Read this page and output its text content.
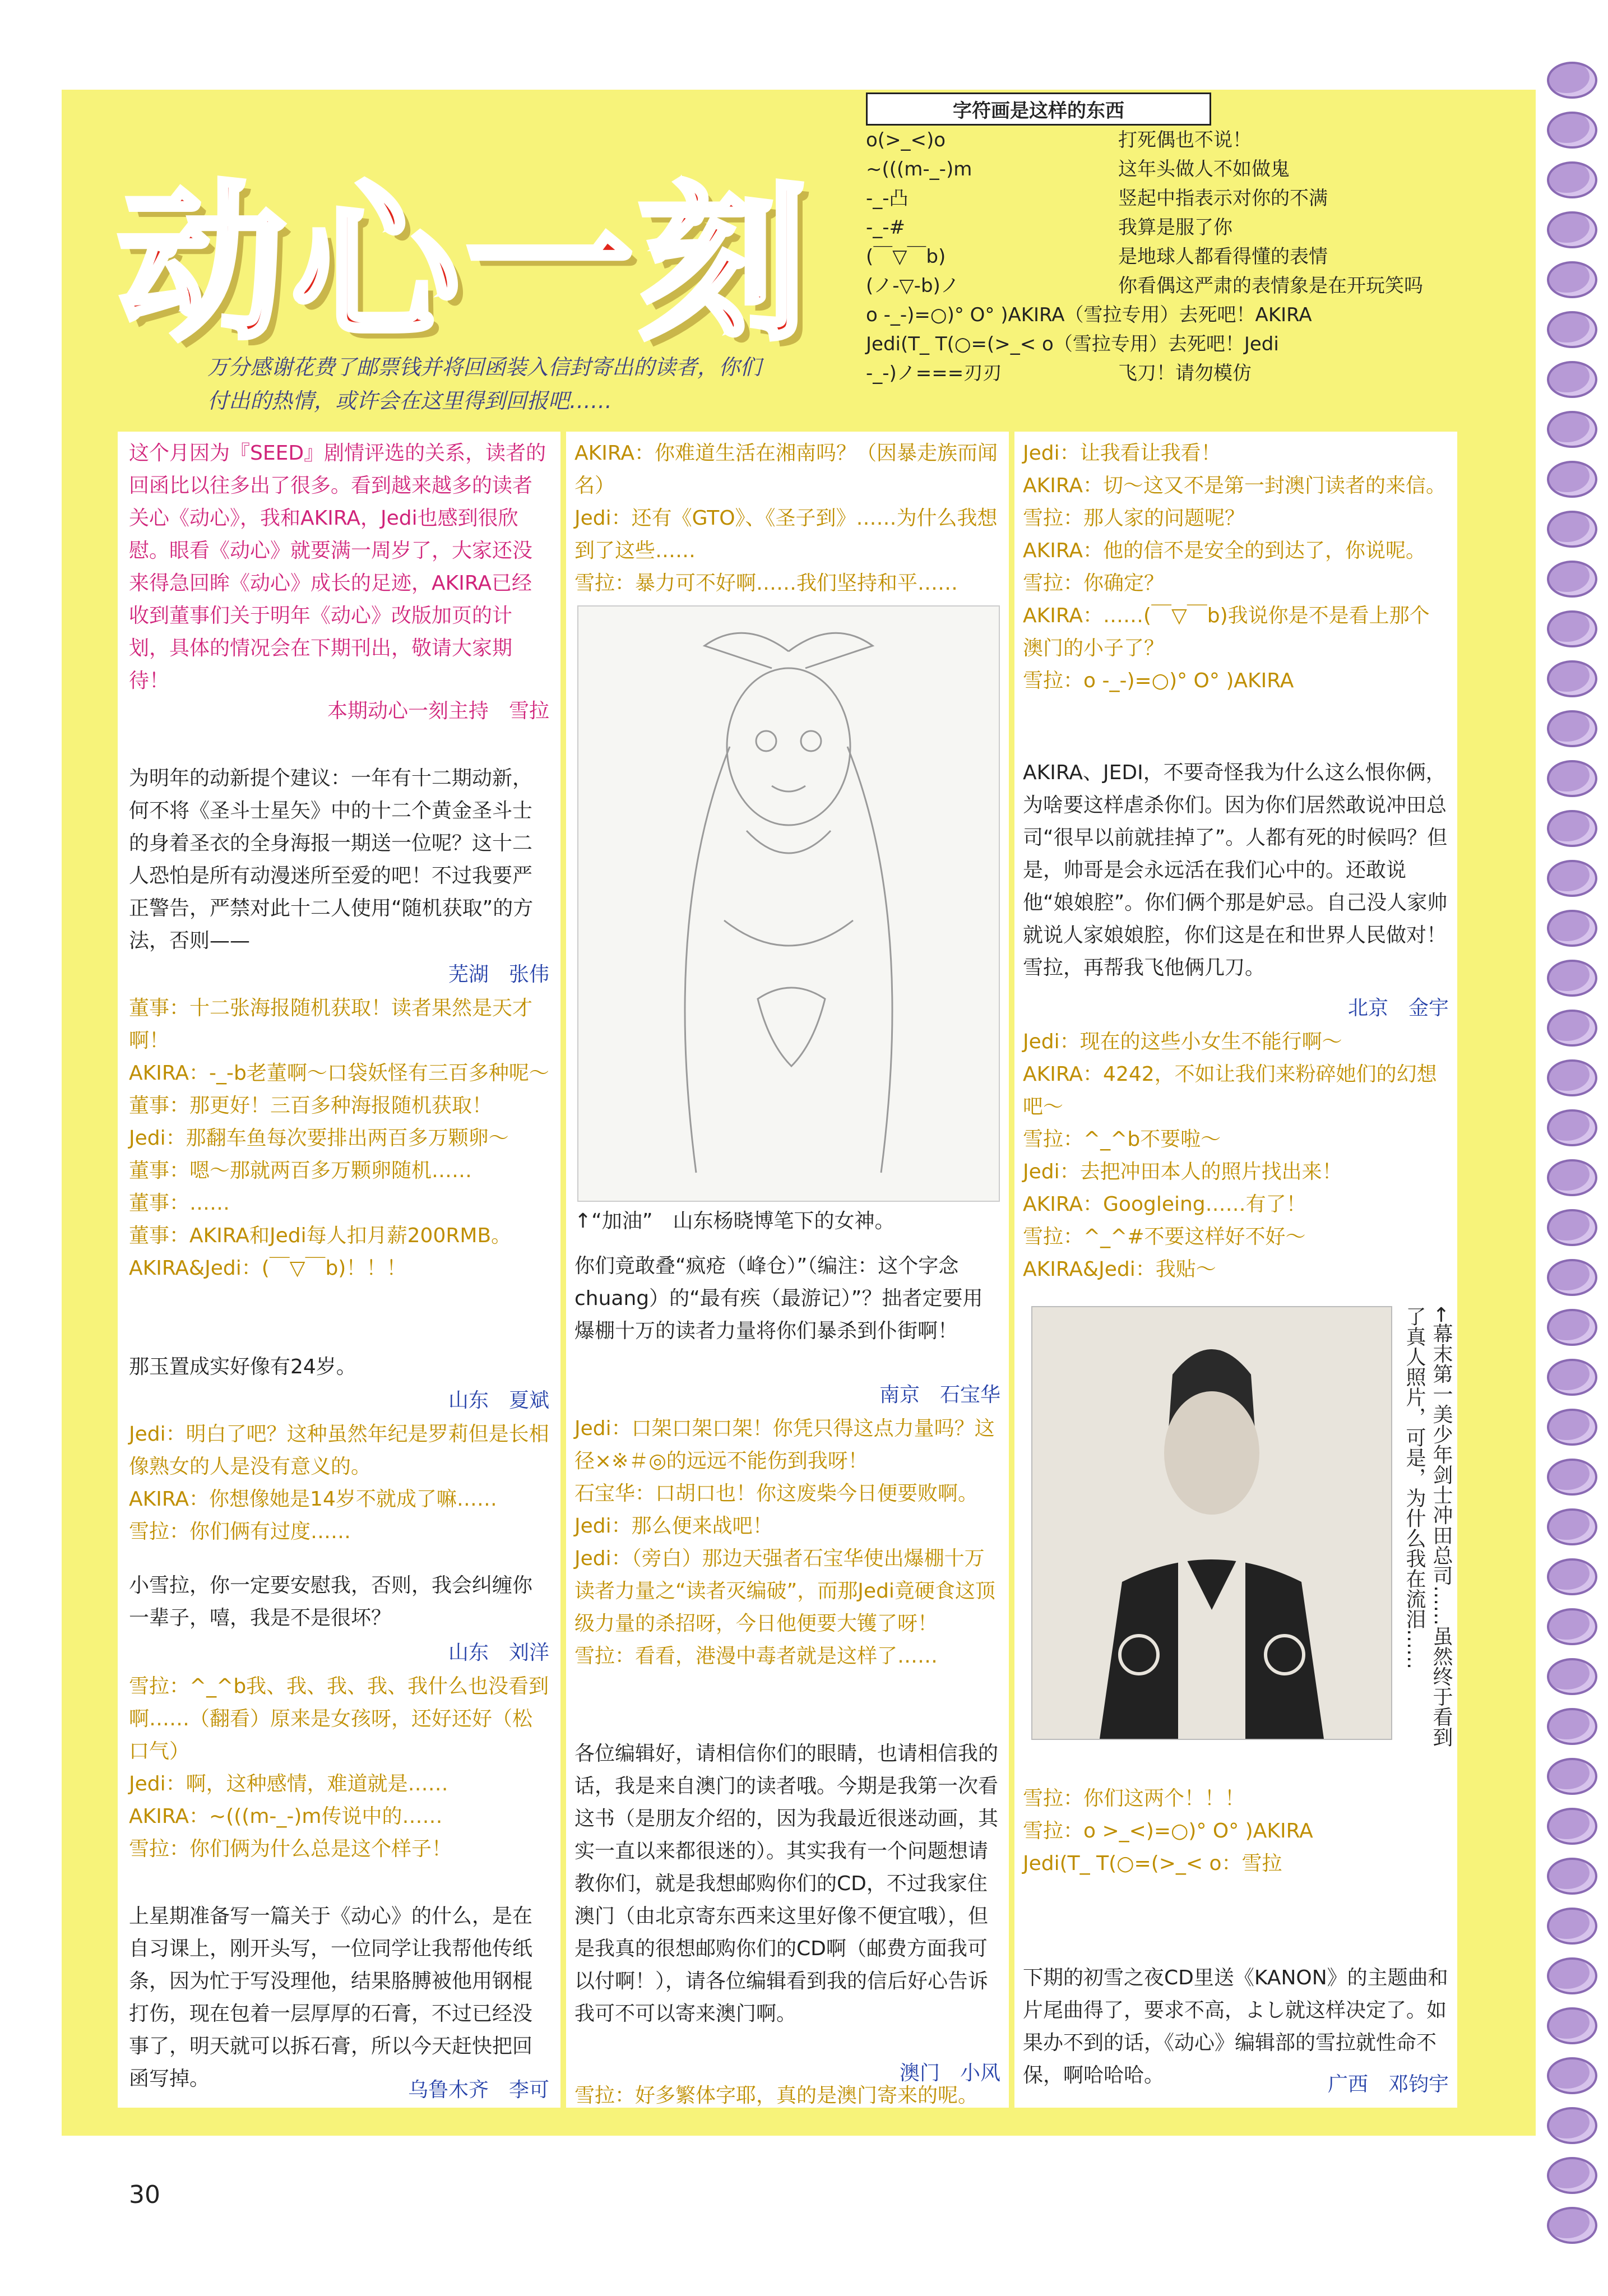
动心一刻
万分感谢花费了邮票钱并将回函装入信封寄出的读者，你们付出的热情，或许会在这里得到回报吧……
字符画是这样的东西
o(>_<)o	打死偶也不说！
~(((m-_-)m	这年头做人不如做鬼
-_-凸	竖起中指表示对你的不满
-_-#	我算是服了你
(￣▽￣b)	是地球人都看得懂的表情
(ノ-▽-b)ノ	你看偶这严肃的表情象是在开玩笑吗
o -_-)=○)° O° )AKIRA（雪拉专用）去死吧！AKIRA
Jedi(T_ T(○=(>_< o（雪拉专用）去死吧！Jedi
-_-)ノ===刃刃	飞刀！请勿模仿
这个月因为『SEED』剧情评选的关系，读者的回函比以往多出了很多。看到越来越多的读者关心《动心》，我和AKIRA，Jedi也感到很欣慰。眼看《动心》就要满一周岁了，大家还没来得急回眸《动心》成长的足迹，AKIRA已经收到董事们关于明年《动心》改版加页的计划，具体的情况会在下期刊出，敬请大家期待！
本期动心一刻主持　雪拉
为明年的动新提个建议：一年有十二期动新，何不将《圣斗士星矢》中的十二个黄金圣斗士的身着圣衣的全身海报一期送一位呢？这十二人恐怕是所有动漫迷所至爱的吧！不过我要严正警告，严禁对此十二人使用“随机获取”的方法，否则——
芜湖　张伟
董事：十二张海报随机获取！读者果然是天才啊！
AKIRA：-_-b老董啊～口袋妖怪有三百多种呢～
董事：那更好！三百多种海报随机获取！
Jedi：那翻车鱼每次要排出两百多万颗卵～
董事：嗯～那就两百多万颗卵随机……
董事：……
董事：AKIRA和Jedi每人扣月薪200RMB。
AKIRA&Jedi：(￣▽￣b)！！！
那玉置成实好像有24岁。
山东　夏斌
Jedi：明白了吧？这种虽然年纪是罗莉但是长相像熟女的人是没有意义的。
AKIRA：你想像她是14岁不就成了嘛……
雪拉：你们俩有过度……
小雪拉，你一定要安慰我，否则，我会纠缠你一辈子，嘻，我是不是很坏？
山东　刘洋
雪拉：^_^b我、我、我、我、我什么也没看到啊……（翻看）原来是女孩呀，还好还好（松口气）
Jedi：啊，这种感情，难道就是……
AKIRA：~(((m-_-)m传说中的……
雪拉：你们俩为什么总是这个样子！
上星期准备写一篇关于《动心》的什么，是在自习课上，刚开头写，一位同学让我帮他传纸条，因为忙于写没理他，结果胳膊被他用钢棍打伤，现在包着一层厚厚的石膏，不过已经没事了，明天就可以拆石膏，所以今天赶快把回函写掉。	乌鲁木齐　李可
AKIRA：你难道生活在湘南吗？（因暴走族而闻名）
Jedi：还有《GTO》、《圣子到》……为什么我想到了这些……
雪拉：暴力可不好啊……我们坚持和平……
↑“加油”　山东杨晓博笔下的女神。
你们竟敢叠“疯疮（峰仓）”（编注：这个字念chuang）的“最有疾（最游记）”？拙者定要用爆棚十万的读者力量将你们暴杀到仆街啊！
南京　石宝华
Jedi：口架口架口架！你凭只得这点力量吗？这径×※＃◎的远远不能伤到我呀！
石宝华：口胡口也！你这废柴今日便要败啊。
Jedi：那么便来战吧！
Jedi：（旁白）那边天强者石宝华使出爆棚十万读者力量之“读者灭编破”，而那Jedi竟硬食这顶级力量的杀招呀，今日他便要大镬了呀！
雪拉：看看，港漫中毒者就是这样了……
各位编辑好，请相信你们的眼睛，也请相信我的话，我是来自澳门的读者哦。今期是我第一次看这书（是朋友介绍的，因为我最近很迷动画，其实一直以来都很迷的）。其实我有一个问题想请教你们，就是我想邮购你们的CD，不过我家住澳门（由北京寄东西来这里好像不便宜哦），但是我真的很想邮购你们的CD啊（邮费方面我可以付啊！），请各位编辑看到我的信后好心告诉我可不可以寄来澳门啊。
澳门　小风
雪拉：好多繁体字耶，真的是澳门寄来的呢。
Jedi：让我看让我看！
AKIRA：切～这又不是第一封澳门读者的来信。
雪拉：那人家的问题呢？
AKIRA：他的信不是安全的到达了，你说呢。
雪拉：你确定？
AKIRA：……(￣▽￣b)我说你是不是看上那个澳门的小子了？
雪拉：o -_-)=○)° O° )AKIRA
AKIRA、JEDI，不要奇怪我为什么这么恨你俩，为啥要这样虐杀你们。因为你们居然敢说冲田总司“很早以前就挂掉了”。人都有死的时候吗？但是，帅哥是会永远活在我们心中的。还敢说他“娘娘腔”。你们俩个那是妒忌。自己没人家帅就说人家娘娘腔，你们这是在和世界人民做对！雪拉，再帮我飞他俩几刀。
北京　金宇
Jedi：现在的这些小女生不能行啊～
AKIRA：4242，不如让我们来粉碎她们的幻想吧～
雪拉：^_^b不要啦～
Jedi：去把冲田本人的照片找出来！
AKIRA：Googleing……有了！
雪拉：^_^#不要这样好不好～
AKIRA&Jedi：我贴～
雪拉：你们这两个！！！
雪拉：o >_<)=○)° O° )AKIRA
Jedi(T_ T(○=(>_< o：雪拉
下期的初雪之夜CD里送《KANON》的主题曲和片尾曲得了，要求不高，よし就这样决定了。如果办不到的话，《动心》编辑部的雪拉就性命不保，啊哈哈哈。	广西　邓钧宇
←幕末第一美少年剑士冲田总司……虽然终于看到了真人照片，可是，为什么我在流泪……
30
